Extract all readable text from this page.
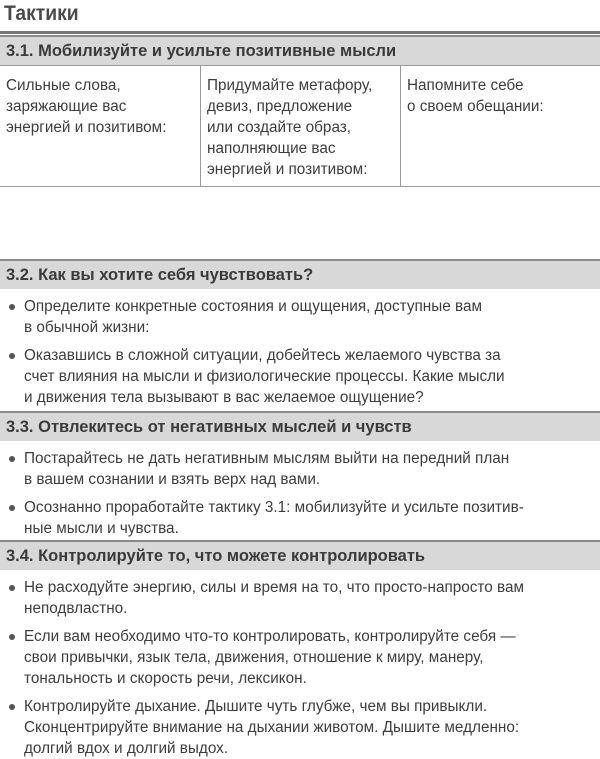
Тактики
3.1. Мобилизуйте и усильте позитивные мысли
Сильные слова,
заряжающие вас
энергией и позитивом:
Придумайте метафору,
девиз, предложение
или создайте образ,
наполняющие вас
энергией и позитивом:
Напомните себе
о своем обещании:
3.2. Как вы хотите себя чувствовать?
Определите конкретные состояния и ощущения, доступные вам
в обычной жизни:
Оказавшись в сложной ситуации, добейтесь желаемого чувства за
счет влияния на мысли и физиологические процессы. Какие мысли
и движения тела вызывают в вас желаемое ощущение?
3.3. Отвлекитесь от негативных мыслей и чувств
Постарайтесь не дать негативным мыслям выйти на передний план
в вашем сознании и взять верх над вами.
Осознанно проработайте тактику 3.1: мобилизуйте и усильте позитив-
ные мысли и чувства.
3.4. Контролируйте то, что можете контролировать
Не расходуйте энергию, силы и время на то, что просто-напросто вам
неподвластно.
Если вам необходимо что-то контролировать, контролируйте себя —
свои привычки, язык тела, движения, отношение к миру, манеру,
тональность и скорость речи, лексикон.
Контролируйте дыхание. Дышите чуть глубже, чем вы привыкли.
Сконцентрируйте внимание на дыхании животом. Дышите медленно:
долгий вдох и долгий выдох.
